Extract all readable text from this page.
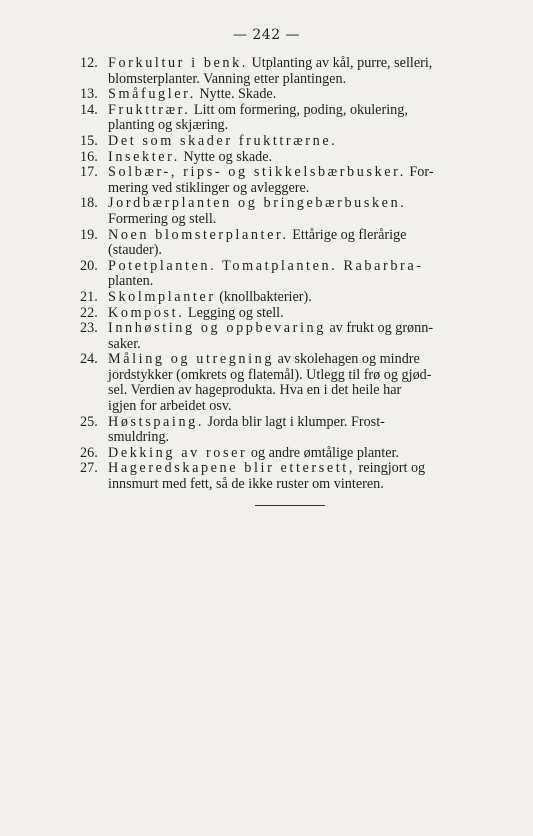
— 242 —
12. Forkultur i benk. Utplanting av kål, purre, selleri,
blomsterplanter. Vanning etter plantingen.
13. Småfugler. Nytte. Skade.
14. Frukttrær. Litt om formering, poding, okulering,
planting og skjæring.
15. Det som skader frukttrærne.
16. Insekter. Nytte og skade.
17. Solbær-, rips- og stikkelsbærbusker. For-
mering ved stiklinger og avleggere.
18. Jordbærplanten og bringebærbusken.
Formering og stell.
19. Noen blomsterplanter. Ettårige og flerårige
(stauder).
20. Potetplanten. Tomatplanten. Rabarbra-
planten.
21. Skolmplanter (knollbakterier).
22. Kompost. Legging og stell.
23. Innhøsting og oppbevaring av frukt og grønn-
saker.
24. Måling og utregning av skolehagen og mindre
jordstykker (omkrets og flatemål). Utlegg til frø og gjød-
sel. Verdien av hageprodukta. Hva en i det heile har
igjen for arbeidet osv.
25. Høstspaing. Jorda blir lagt i klumper. Frost-
smuldring.
26. Dekking av roser og andre ømtålige planter.
27. Hageredskapene blir ettersett, reingjort og
innsmurt med fett, så de ikke ruster om vinteren.
